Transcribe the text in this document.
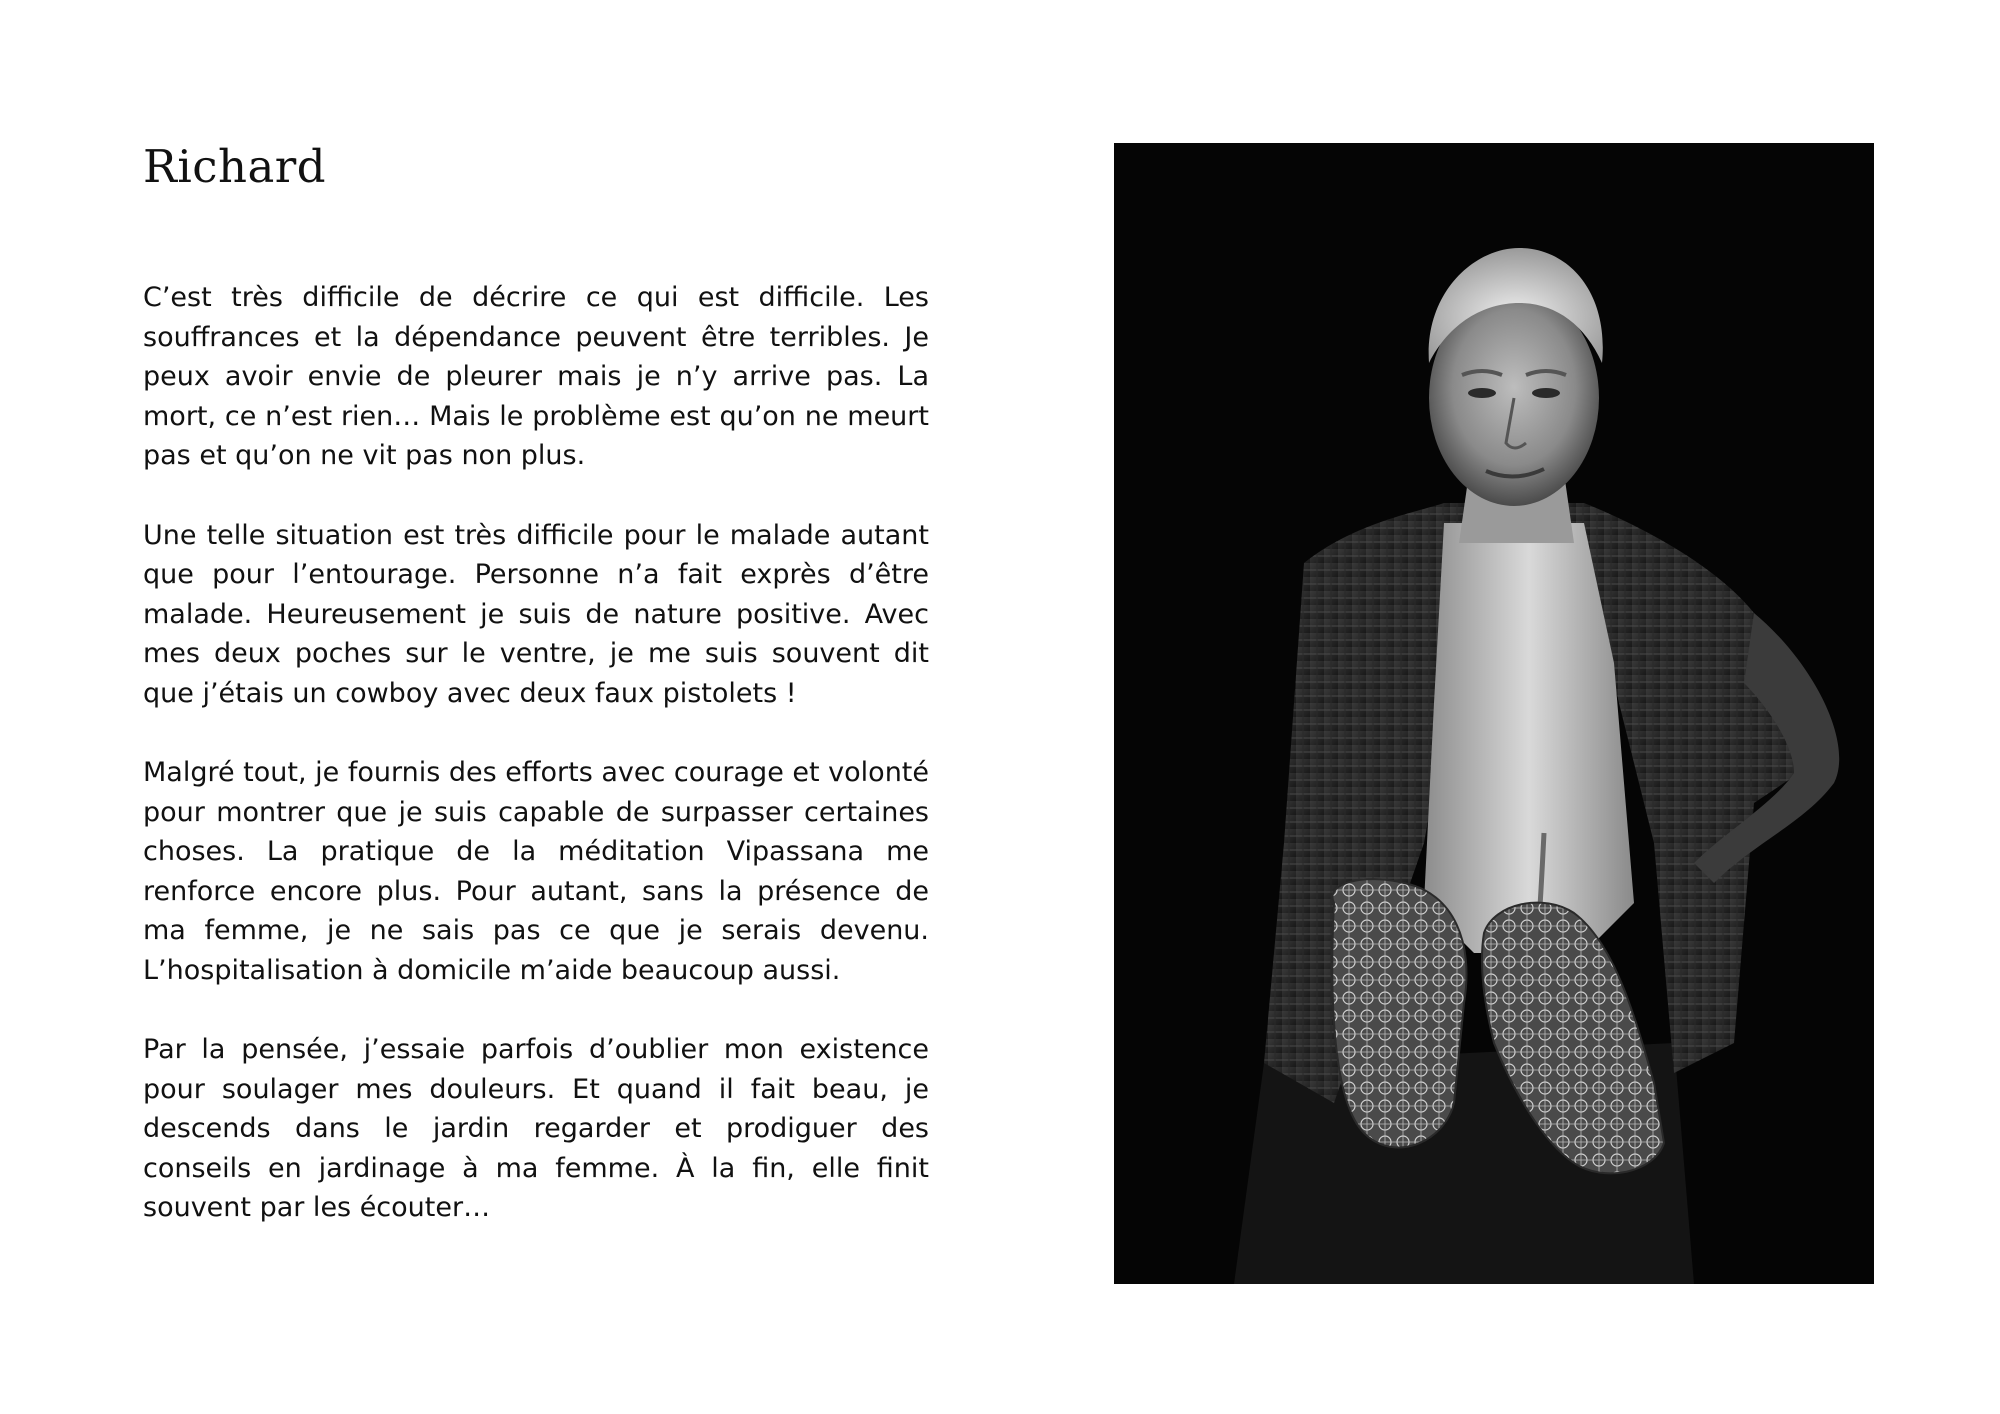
Richard

C’est très difficile de décrire ce qui est difficile. Les souffrances et la dépendance peuvent être terribles. Je peux avoir envie de pleurer mais je n’y arrive pas. La mort, ce n’est rien… Mais le problème est qu’on ne meurt pas et qu’on ne vit pas non plus.

Une telle situation est très difficile pour le malade autant que pour l’entourage. Personne n’a fait exprès d’être malade. Heureusement je suis de nature positive. Avec mes deux poches sur le ventre, je me suis souvent dit que j’étais un cowboy avec deux faux pistolets !

Malgré tout, je fournis des efforts avec courage et volonté pour montrer que je suis capable de surpasser certaines choses. La pratique de la méditation Vipassana me renforce encore plus. Pour autant, sans la présence de ma femme, je ne sais pas ce que je serais devenu. L’hospitalisation à domicile m’aide beaucoup aussi.

Par la pensée, j’essaie parfois d’oublier mon existence pour soulager mes douleurs. Et quand il fait beau, je descends dans le jardin regarder et prodiguer des conseils en jardinage à ma femme. À la fin, elle finit souvent par les écouter…
